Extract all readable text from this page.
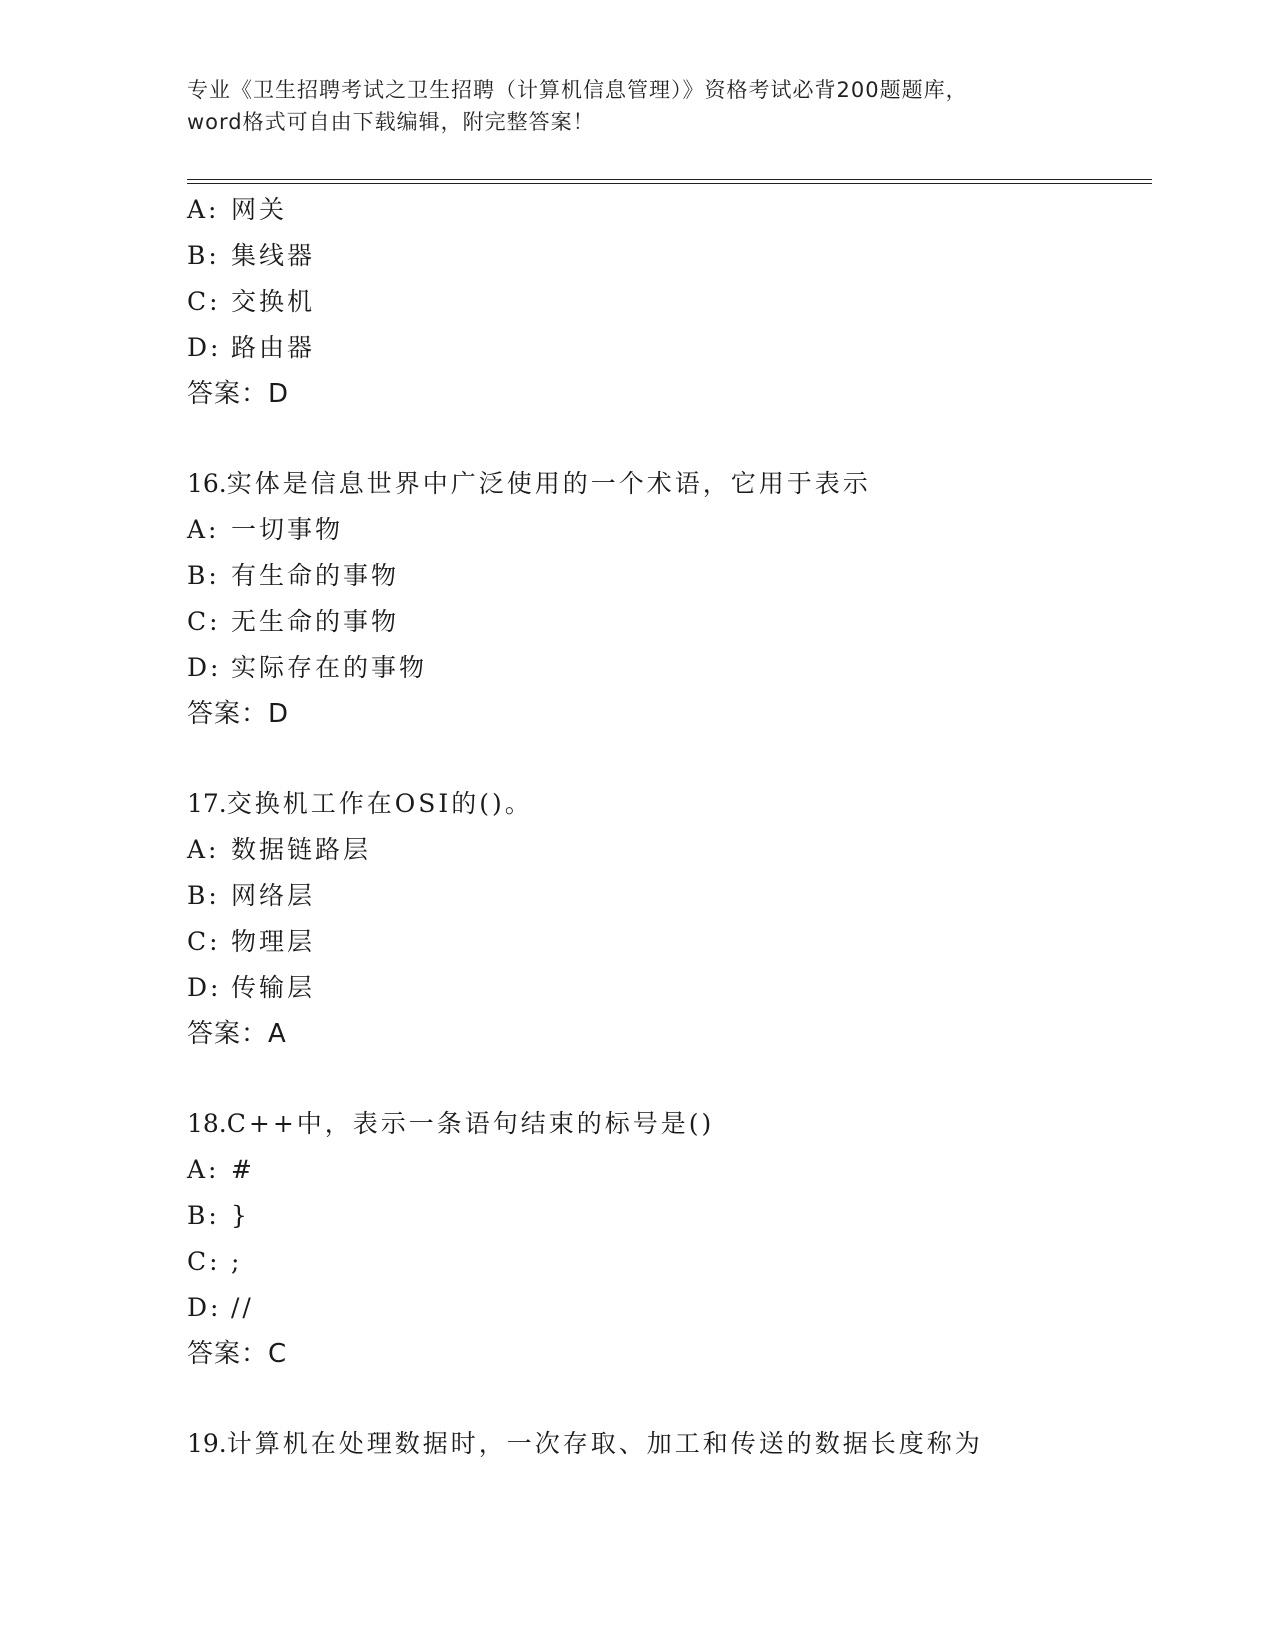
专业《卫生招聘考试之卫生招聘（计算机信息管理）》资格考试必背200题题库，
word格式可自由下载编辑，附完整答案！
A: 网关
B: 集线器
C: 交换机
D: 路由器
答案：D
16.实体是信息世界中广泛使用的一个术语，它用于表示
A: 一切事物
B: 有生命的事物
C: 无生命的事物
D: 实际存在的事物
答案：D
17.交换机工作在OSI的()。
A: 数据链路层
B: 网络层
C: 物理层
D: 传输层
答案：A
18.C++中，表示一条语句结束的标号是()
A: #
B: }
C: ;
D: //
答案：C
19.计算机在处理数据时，一次存取、加工和传送的数据长度称为
